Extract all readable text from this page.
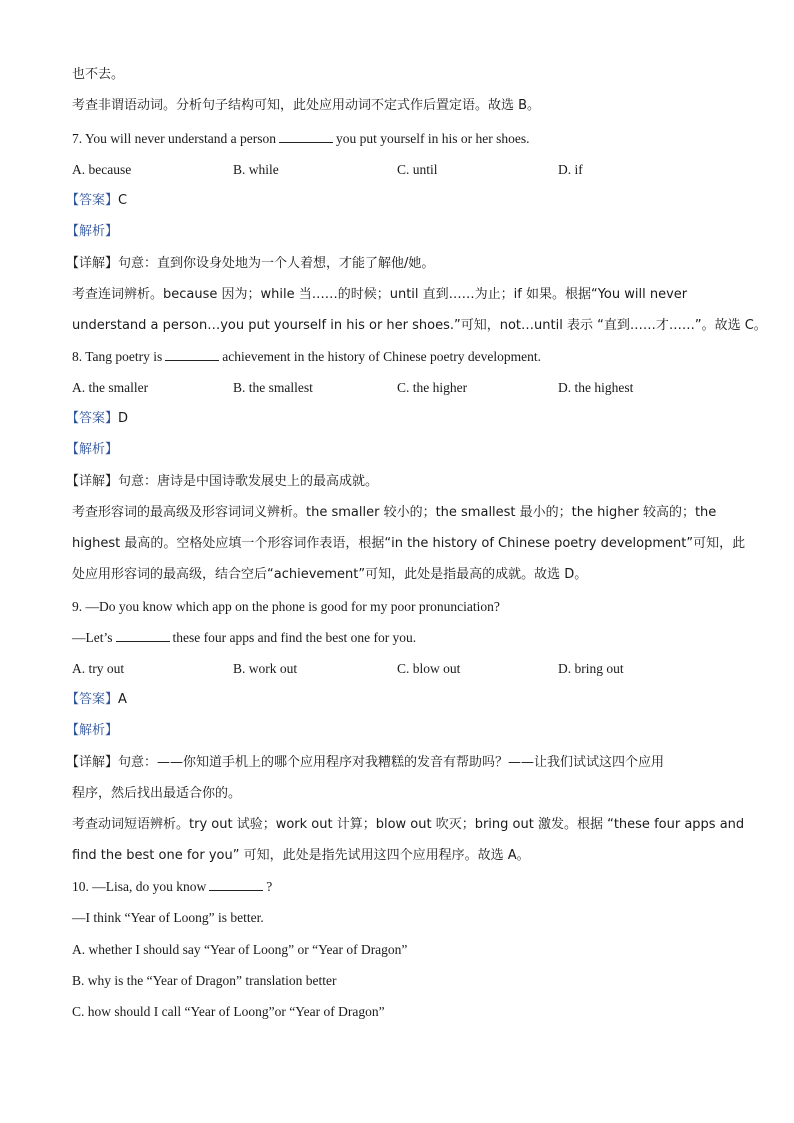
也不去。
考查非谓语动词。分析句子结构可知，此处应用动词不定式作后置定语。故选 B。
7. You will never understand a person	you put yourself in his or her shoes.
A. because	B. while	C. until	D. if
【答案】C
【解析】
【详解】句意：直到你设身处地为一个人着想，才能了解他/她。
考查连词辨析。because 因为；while 当……的时候；until 直到……为止；if 如果。根据“You will never
understand a person…you put yourself in his or her shoes.”可知，not…until 表示 “直到……才……”。故选 C。
8. Tang poetry is	achievement in the history of Chinese poetry development.
A. the smaller	B. the smallest	C. the higher	D. the highest
【答案】D
【解析】
【详解】句意：唐诗是中国诗歌发展史上的最高成就。
考查形容词的最高级及形容词词义辨析。the smaller 较小的；the smallest 最小的；the higher 较高的；the
highest 最高的。空格处应填一个形容词作表语，根据“in the history of Chinese poetry development”可知，此
处应用形容词的最高级，结合空后“achievement”可知，此处是指最高的成就。故选 D。
9. —Do you know which app on the phone is good for my poor pronunciation?
—Let’s	these four apps and find the best one for you.
A. try out	B. work out	C. blow out	D. bring out
【答案】A
【解析】
【详解】句意：——你知道手机上的哪个应用程序对我糟糕的发音有帮助吗？——让我们试试这四个应用
程序，然后找出最适合你的。
考查动词短语辨析。try out 试验；work out 计算；blow out 吹灭；bring out 激发。根据 “these four apps and
find the best one for you” 可知，此处是指先试用这四个应用程序。故选 A。
10. —Lisa, do you know	?
—I think “Year of Loong” is better.
A. whether I should say “Year of Loong” or “Year of Dragon”
B. why is the “Year of Dragon” translation better
C. how should I call “Year of Loong”or “Year of Dragon”
